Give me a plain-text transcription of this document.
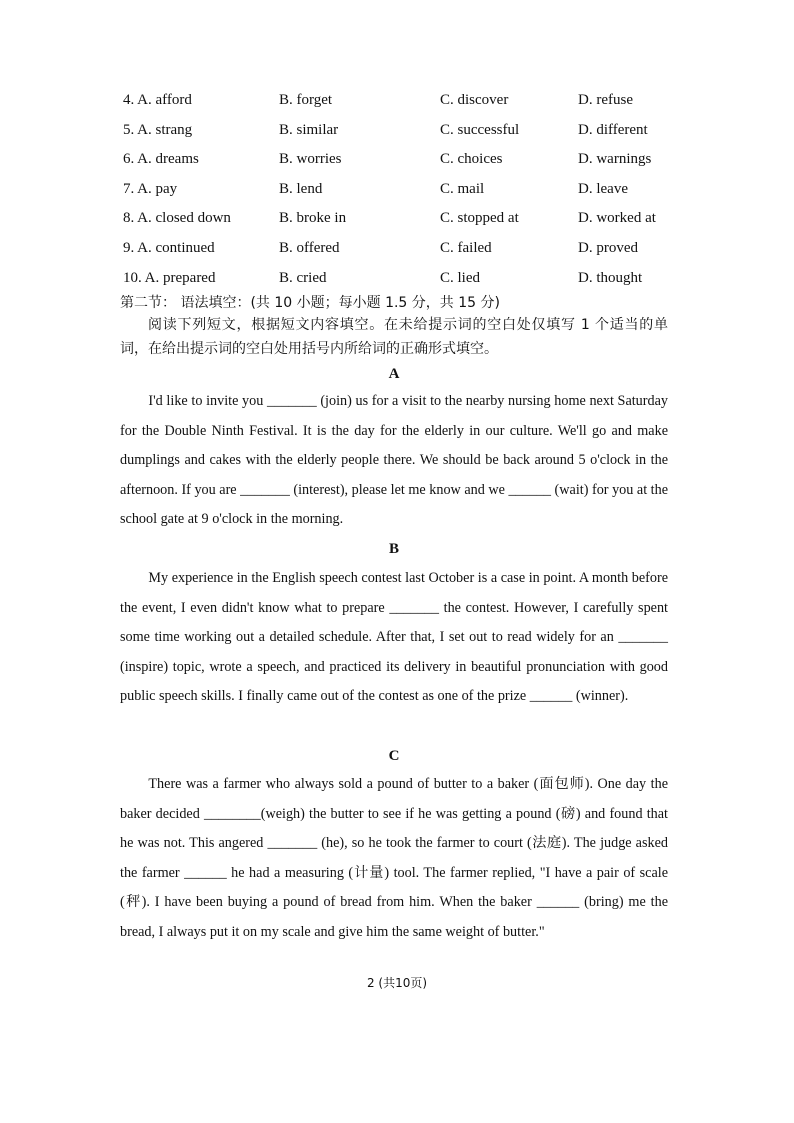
4. A. afford	B. forget	C. discover	D. refuse
5. A. strang	B. similar	C. successful	D. different
6. A. dreams	B. worries	C. choices	D. warnings
7. A. pay	B. lend	C. mail	D. leave
8. A. closed down	B. broke in	C. stopped at	D. worked at
9. A. continued	B. offered	C. failed	D. proved
10. A. prepared	B. cried	C. lied	D. thought
第二节： 语法填空：(共 10 小题；每小题 1.5 分，共 15 分)
阅读下列短文，根据短文内容填空。在未给提示词的空白处仅填写 1 个适当的单词，在给出提示词的空白处用括号内所给词的正确形式填空。
A
I'd like to invite you _______ (join) us for a visit to the nearby nursing home next Saturday for the Double Ninth Festival. It is the day for the elderly in our culture. We'll go and make dumplings and cakes with the elderly people there. We should be back around 5 o'clock in the afternoon. If you are _______ (interest), please let me know and we ______ (wait) for you at the school gate at 9 o'clock in the morning.
B
My experience in the English speech contest last October is a case in point. A month before the event, I even didn't know what to prepare _______ the contest. However, I carefully spent some time working out a detailed schedule. After that, I set out to read widely for an _______ (inspire) topic, wrote a speech, and practiced its delivery in beautiful pronunciation with good public speech skills. I finally came out of the contest as one of the prize ______ (winner).
C
There was a farmer who always sold a pound of butter to a baker (面包师). One day the baker decided ________(weigh) the butter to see if he was getting a pound (磅) and found that he was not. This angered _______ (he), so he took the farmer to court (法庭). The judge asked the farmer ______ he had a measuring (计量) tool. The farmer replied, "I have a pair of scale (秤). I have been buying a pound of bread from him. When the baker ______ (bring) me the bread, I always put it on my scale and give him the same weight of butter."
2 (共10页)
